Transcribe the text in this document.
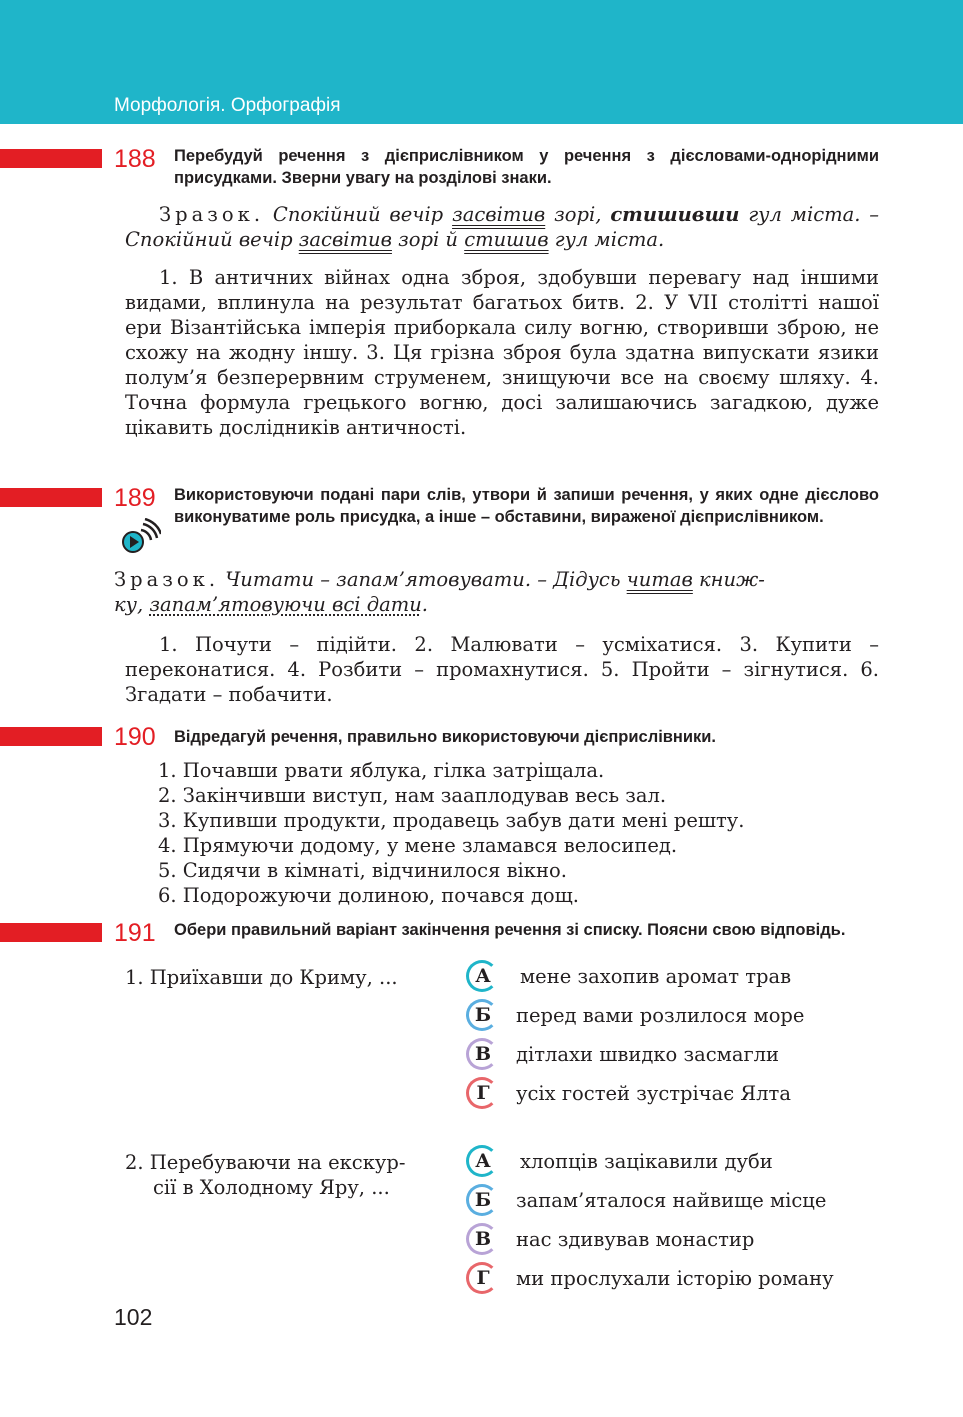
Морфологія. Орфографія
188 Перебудуй речення з дієприслівником у речення з дієсловами-однорідними присудками. Зверни увагу на розділові знаки.
Зразок. Спокійний вечір засвітив зорі, стишивши гул міста. – Спокійний вечір засвітив зорі й стишив гул міста.
1. В античних війнах одна зброя, здобувши перевагу над іншими видами, вплинула на результат багатьох битв. 2. У VII столітті нашої ери Візантійська імперія приборкала силу вогню, створивши зброю, не схожу на жодну іншу. 3. Ця грізна зброя була здатна випускати язики полум’я безперервним струменем, знищуючи все на своєму шляху. 4. Точна формула грецького вогню, досі залишаючись загадкою, дуже цікавить дослідників античності.
189 Використовуючи подані пари слів, утвори й запиши речення, у яких одне дієслово виконуватиме роль присудка, а інше – обставини, вираженої дієприслівником.
Зразок. Читати – запам’ятовувати. – Дідусь читав книж-
ку, запам’ятовуючи всі дати.
1. Почути – підійти. 2. Малювати – усміхатися. 3. Купити – переконатися. 4. Розбити – промахнутися. 5. Пройти – зігнутися. 6. Згадати – побачити.
190 Відредагуй речення, правильно використовуючи дієприслівники.
1. Почавши рвати яблука, гілка затріщала.
2. Закінчивши виступ, нам зааплодував весь зал.
3. Купивши продукти, продавець забув дати мені решту.
4. Прямуючи додому, у мене зламався велосипед.
5. Сидячи в кімнаті, відчинилося вікно.
6. Подорожуючи долиною, почався дощ.
191 Обери правильний варіант закінчення речення зі списку. Поясни свою відповідь.
1. Приїхавши до Криму, ...	А	мене захопив аромат трав
Б	перед вами розлилося море
В	дітлахи швидко засмагли
Г	усіх гостей зустрічає Ялта
2. Перебуваючи на екскур-
сії в Холодному Яру, ...
А	хлопців зацікавили дуби
Б	запам’яталося найвище місце
В	нас здивував монастир
Г	ми прослухали історію роману
102
